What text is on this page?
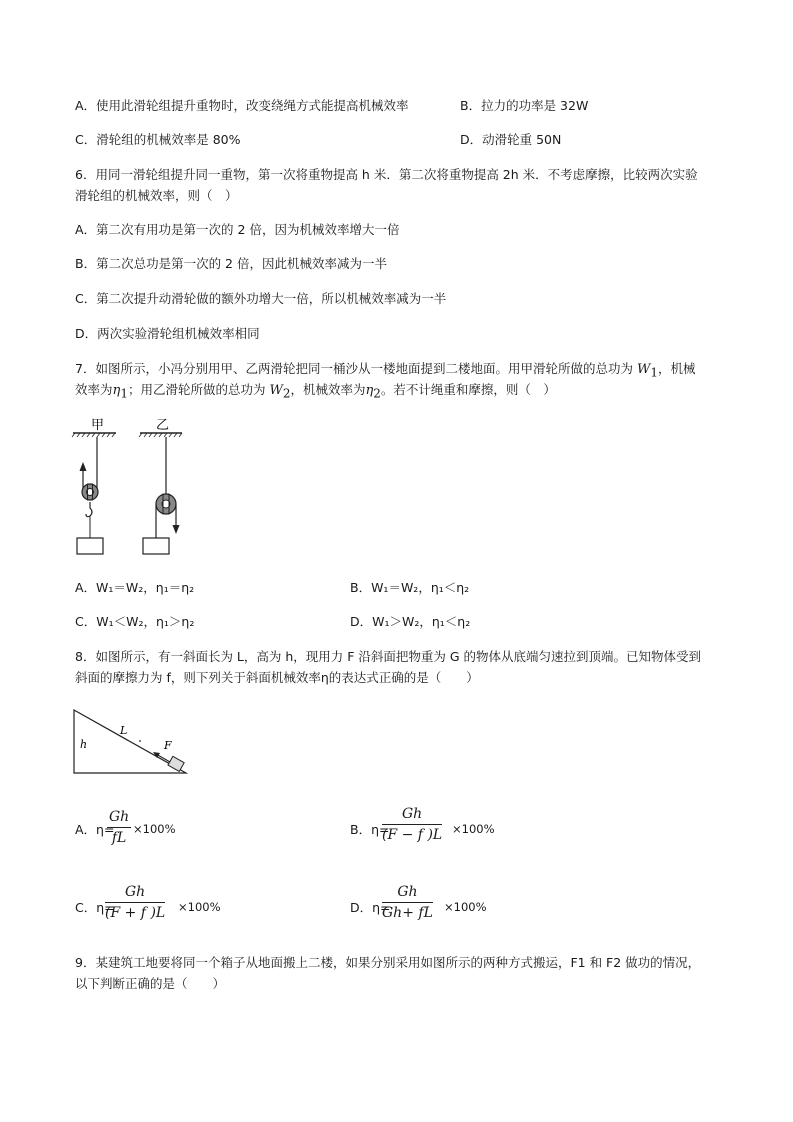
A．使用此滑轮组提升重物时，改变绕绳方式能提高机械效率	B．拉力的功率是 32W
C．滑轮组的机械效率是 80%	D．动滑轮重 50N
6．用同一滑轮组提升同一重物，第一次将重物提高 h 米．第二次将重物提高 2h 米．不考虑摩擦，比较两次实验
滑轮组的机械效率，则（　）
A．第二次有用功是第一次的 2 倍，因为机械效率增大一倍
B．第二次总功是第一次的 2 倍，因此机械效率减为一半
C．第二次提升动滑轮做的额外功增大一倍，所以机械效率减为一半
D．两次实验滑轮组机械效率相同
7．如图所示，小冯分别用甲、乙两滑轮把同一桶沙从一楼地面提到二楼地面。用甲滑轮所做的总功为 $W_1$，机械
效率为$\eta_1$；用乙滑轮所做的总功为 $W_2$，机械效率为$\eta_2$。若不计绳重和摩擦，则（　）
甲	乙
A．W₁＝W₂，η₁＝η₂	B．W₁＝W₂，η₁＜η₂
C．W₁＜W₂，η₁＞η₂	D．W₁＞W₂，η₁＜η₂
8．如图所示，有一斜面长为 L，高为 h，现用力 F 沿斜面把物重为 G 的物体从底端匀速拉到顶端。已知物体受到
斜面的摩擦力为 f，则下列关于斜面机械效率η的表达式正确的是（　　）
h
L
F
A．η=
Gh
fL
×100%	B．η=
Gh
(F − f )L ×100%
C．η=
Gh
(F + f )L ×100%	D．η=
Gh
Gh+ fL ×100%
9．某建筑工地要将同一个箱子从地面搬上二楼，如果分别采用如图所示的两种方式搬运，F1 和 F2 做功的情况，
以下判断正确的是（　　）
